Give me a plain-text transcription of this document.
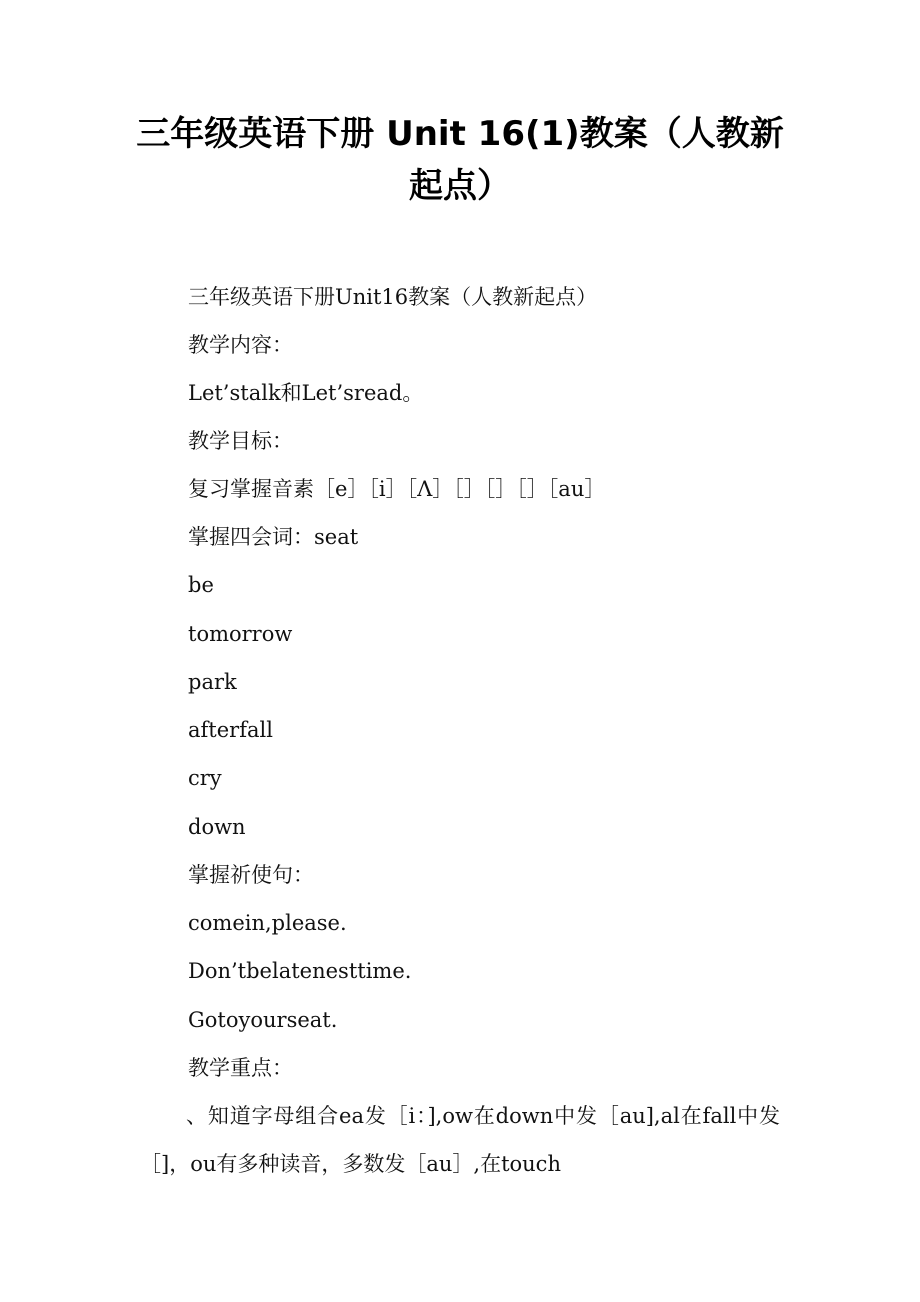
三年级英语下册 Unit 16(1)教案（人教新起点）
三年级英语下册Unit16教案（人教新起点）
教学内容：
Let’stalk和Let’sread。
教学目标：
复习掌握音素［e］［i］［Λ］［］［］［］［au］
掌握四会词：seat
be
tomorrow
park
afterfall
cry
down
掌握祈使句：
comein,please.
Don’tbelatenesttime.
Gotoyourseat.
教学重点：
、知道字母组合ea发［i：],ow在down中发［au],al在fall中发［]，ou有多种读音，多数发［au］,在touch
